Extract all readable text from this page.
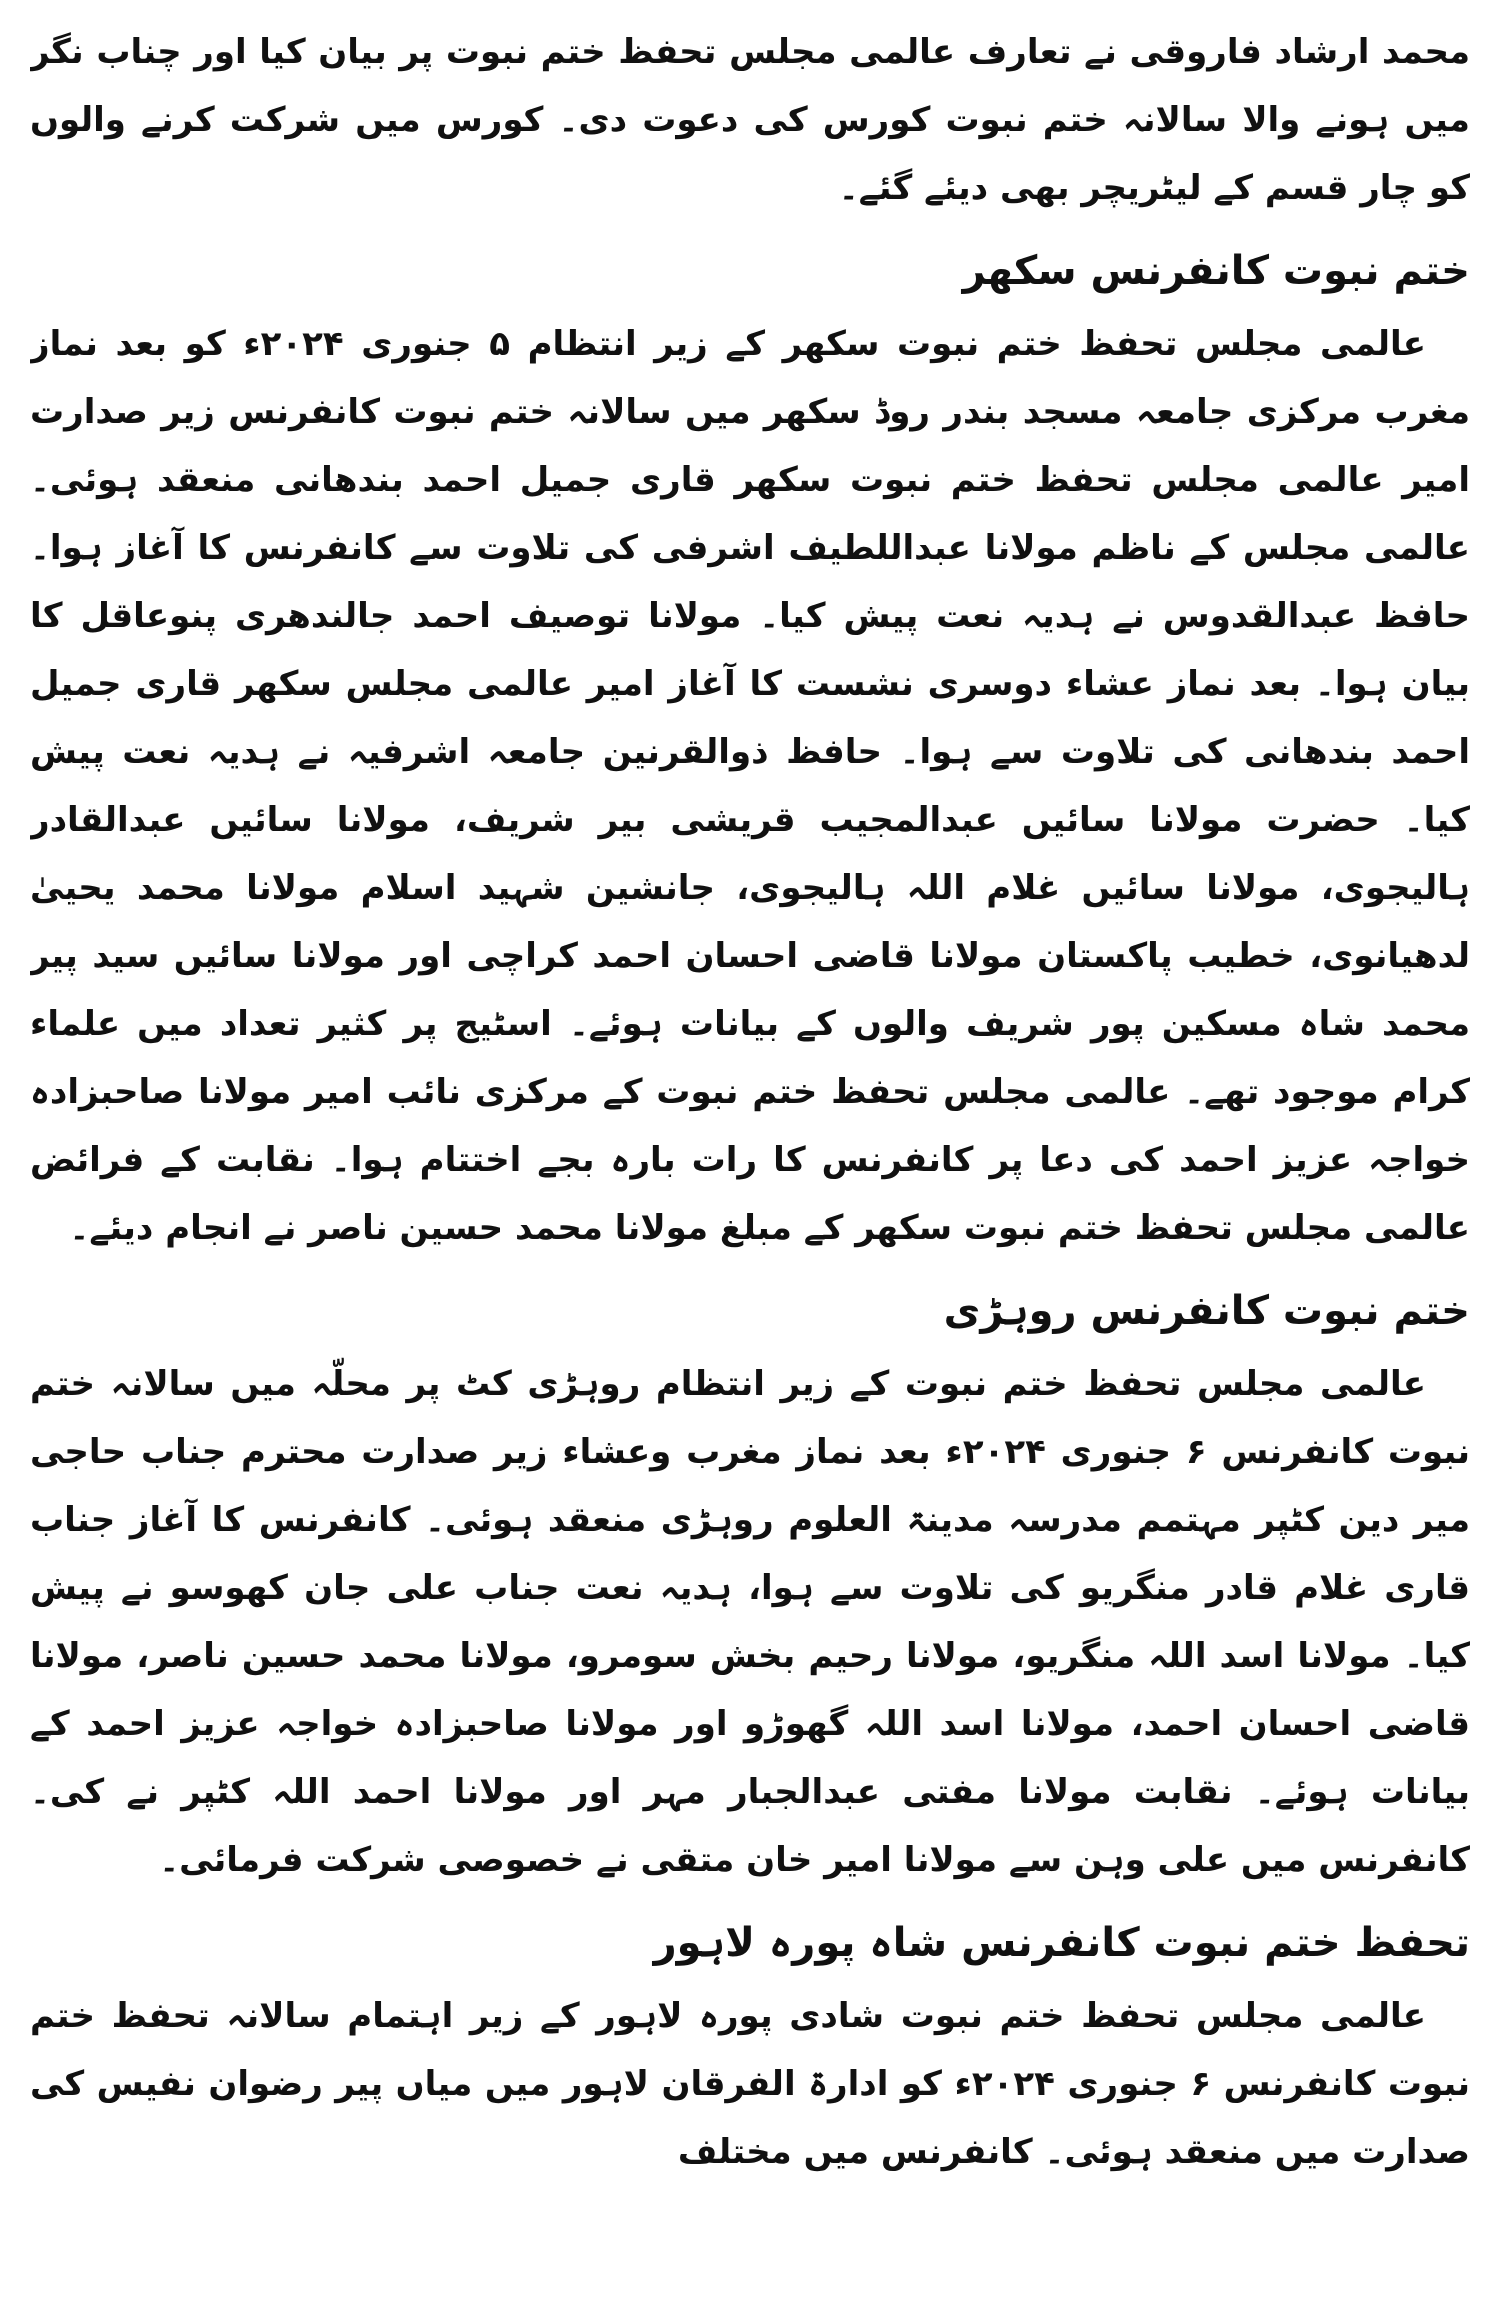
محمد ارشاد فاروقی نے تعارف عالمی مجلس تحفظ ختم نبوت پر بیان کیا اور چناب نگر میں ہونے والا سالانہ ختم نبوت کورس کی دعوت دی۔ کورس میں شرکت کرنے والوں کو چار قسم کے لیٹریچر بھی دیئے گئے۔

ختم نبوت کانفرنس سکھر

عالمی مجلس تحفظ ختم نبوت سکھر کے زیر انتظام ۵ جنوری ۲۰۲۴ء کو بعد نماز مغرب مرکزی جامعہ مسجد بندر روڈ سکھر میں سالانہ ختم نبوت کانفرنس زیر صدارت امیر عالمی مجلس تحفظ ختم نبوت سکھر قاری جمیل احمد بندھانی منعقد ہوئی۔ عالمی مجلس کے ناظم مولانا عبداللطیف اشرفی کی تلاوت سے کانفرنس کا آغاز ہوا۔ حافظ عبدالقدوس نے ہدیہ نعت پیش کیا۔ مولانا توصیف احمد جالندھری پنوعاقل کا بیان ہوا۔ بعد نماز عشاء دوسری نشست کا آغاز امیر عالمی مجلس سکھر قاری جمیل احمد بندھانی کی تلاوت سے ہوا۔ حافظ ذوالقرنین جامعہ اشرفیہ نے ہدیہ نعت پیش کیا۔ حضرت مولانا سائیں عبدالمجیب قریشی بیر شریف، مولانا سائیں عبدالقادر ہالیجوی، مولانا سائیں غلام اللہ ہالیجوی، جانشین شہید اسلام مولانا محمد یحییٰ لدھیانوی، خطیب پاکستان مولانا قاضی احسان احمد کراچی اور مولانا سائیں سید پیر محمد شاہ مسکین پور شریف والوں کے بیانات ہوئے۔ اسٹیج پر کثیر تعداد میں علماء کرام موجود تھے۔ عالمی مجلس تحفظ ختم نبوت کے مرکزی نائب امیر مولانا صاحبزادہ خواجہ عزیز احمد کی دعا پر کانفرنس کا رات بارہ بجے اختتام ہوا۔ نقابت کے فرائض عالمی مجلس تحفظ ختم نبوت سکھر کے مبلغ مولانا محمد حسین ناصر نے انجام دیئے۔

ختم نبوت کانفرنس روہڑی

عالمی مجلس تحفظ ختم نبوت کے زیر انتظام روہڑی کٹ پر محلّہ میں سالانہ ختم نبوت کانفرنس ۶ جنوری ۲۰۲۴ء بعد نماز مغرب وعشاء زیر صدارت محترم جناب حاجی میر دین کٹپر مہتمم مدرسہ مدینۃ العلوم روہڑی منعقد ہوئی۔ کانفرنس کا آغاز جناب قاری غلام قادر منگریو کی تلاوت سے ہوا، ہدیہ نعت جناب علی جان کھوسو نے پیش کیا۔ مولانا اسد اللہ منگریو، مولانا رحیم بخش سومرو، مولانا محمد حسین ناصر، مولانا قاضی احسان احمد، مولانا اسد اللہ گھوڑو اور مولانا صاحبزادہ خواجہ عزیز احمد کے بیانات ہوئے۔ نقابت مولانا مفتی عبدالجبار مہر اور مولانا احمد اللہ کٹپر نے کی۔ کانفرنس میں علی وہن سے مولانا امیر خان متقی نے خصوصی شرکت فرمائی۔

تحفظ ختم نبوت کانفرنس شاہ پورہ لاہور

عالمی مجلس تحفظ ختم نبوت شادی پورہ لاہور کے زیر اہتمام سالانہ تحفظ ختم نبوت کانفرنس ۶ جنوری ۲۰۲۴ء کو ادارۃ الفرقان لاہور میں میاں پیر رضوان نفیس کی صدارت میں منعقد ہوئی۔ کانفرنس میں مختلف
